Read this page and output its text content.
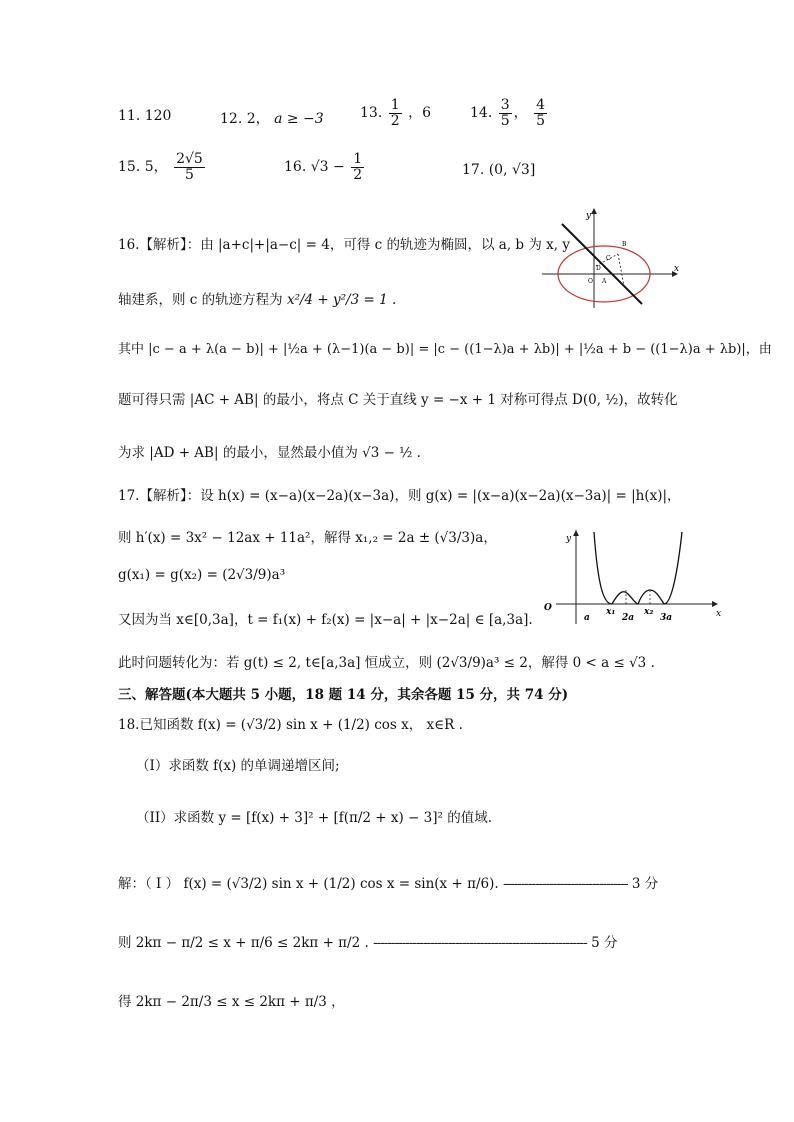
11. 120	12. 2， a ≥ −3	13. $\frac{1}{2}$ ，6	14. $\frac{3}{5}$ ， $\frac{4}{5}$
15. 5， $\frac{2√5}{5}$	16. $√3 - \frac{1}{2}$	17. (0, √3]
16.【解析】：由 |a+c|+|a−c| = 4，可得 c 的轨迹为椭圆，以 a, b 为 x, y
轴建系，则 c 的轨迹方程为 x²/4 + y²/3 = 1 .
其中 |c − a + λ(a − b)| + |½a + (λ−1)(a − b)| = |c − ((1−λ)a + λb)| + |½a + b − ((1−λ)a + λb)|，由
题可得只需 |AC + AB| 的最小，将点 C 关于直线 y = −x + 1 对称可得点 D(0, ½)，故转化
为求 |AD + AB| 的最小，显然最小值为 √3 − ½ .
x
y
B
C
D
O A
17.【解析】：设 h(x) = (x−a)(x−2a)(x−3a)，则 g(x) = |(x−a)(x−2a)(x−3a)| = |h(x)|，
则 h′(x) = 3x² − 12ax + 11a²，解得 x₁,₂ = 2a ± (√3/3)a，
g(x₁) = g(x₂) = (2√3/9)a³
又因为当 x∈[0,3a]，t = f₁(x) + f₂(x) = |x−a| + |x−2a| ∈ [a,3a].
此时问题转化为：若 g(t) ≤ 2, t∈[a,3a] 恒成立，则 (2√3/9)a³ ≤ 2，解得 0 < a ≤ √3 .
y
x
O
a
x₁
2a
x₂
3a
三、解答题(本大题共 5 小题，18 题 14 分，其余各题 15 分，共 74 分)
18.已知函数 f(x) = (√3/2) sin x + (1/2) cos x， x∈R .
（I）求函数 f(x) 的单调递增区间;
（II）求函数 y = [f(x) + 3]² + [f(π/2 + x) − 3]² 的值域.
解：（ I ） f(x) = (√3/2) sin x + (1/2) cos x = sin(x + π/6). ----------------------------------- 3 分
则 2kπ − π/2 ≤ x + π/6 ≤ 2kπ + π/2 . ------------------------------------------------------------ 5 分
得 2kπ − 2π/3 ≤ x ≤ 2kπ + π/3 ，
